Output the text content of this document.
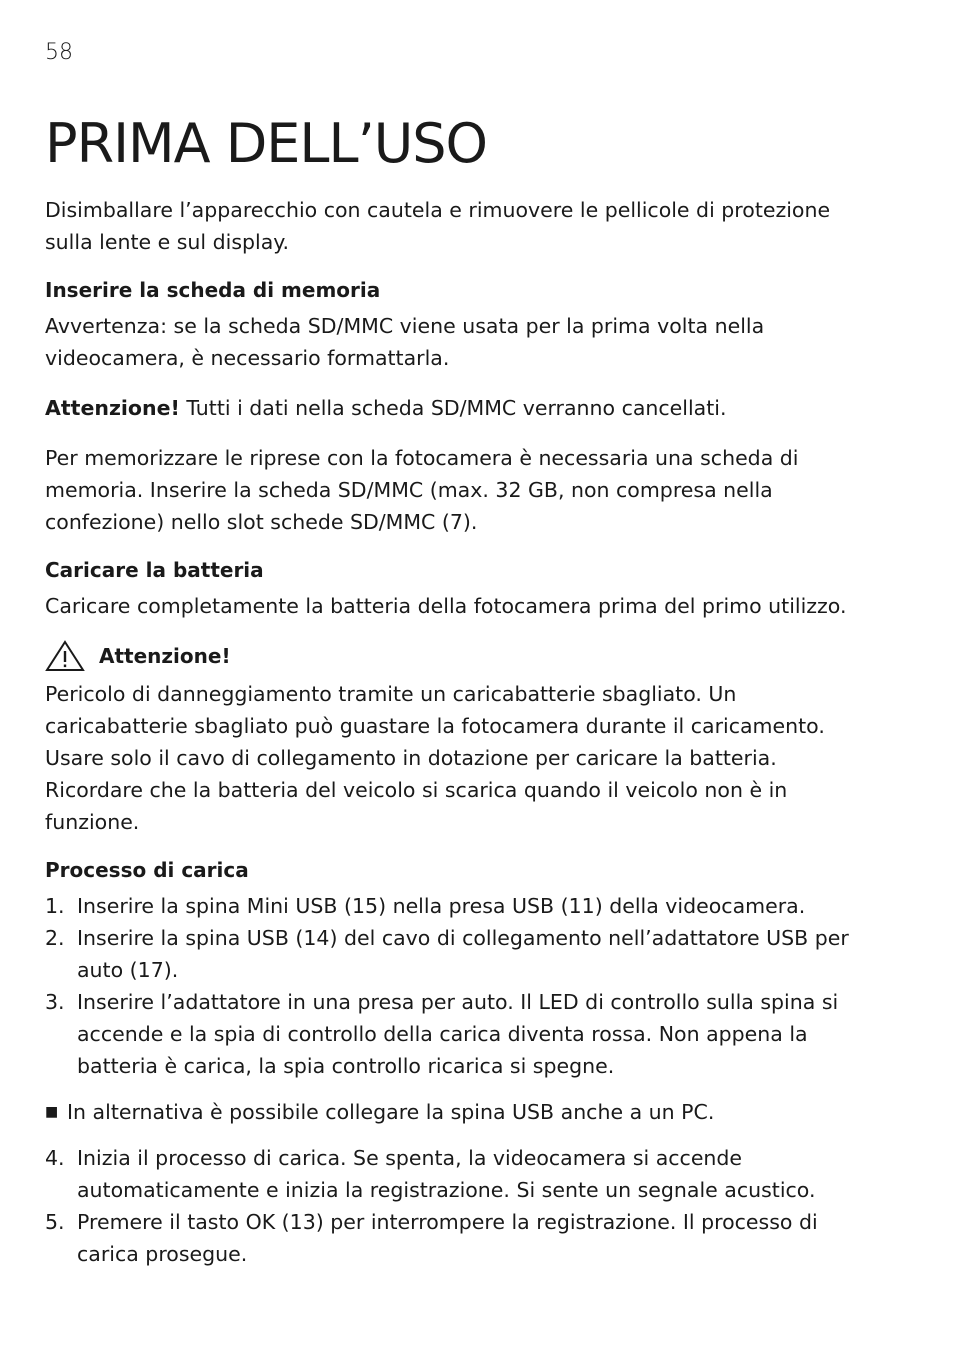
58
PRIMA DELL’USO

Disimballare l’apparecchio con cautela e rimuovere le pellicole di protezione sulla lente e sul display.

Inserire la scheda di memoria

Avvertenza: se la scheda SD/MMC viene usata per la prima volta nella videocamera, è necessario formattarla.

Attenzione! Tutti i dati nella scheda SD/MMC verranno cancellati.

Per memorizzare le riprese con la fotocamera è necessaria una scheda di memoria. Inserire la scheda SD/MMC (max. 32 GB, non compresa nella confezione) nello slot schede SD/MMC (7).

Caricare la batteria

Caricare completamente la batteria della fotocamera prima del primo utilizzo.

Attenzione!

Pericolo di danneggiamento tramite un caricabatterie sbagliato. Un caricabatterie sbagliato può guastare la fotocamera durante il caricamento. Usare solo il cavo di collegamento in dotazione per caricare la batteria.

Ricordare che la batteria del veicolo si scarica quando il veicolo non è in funzione.

Processo di carica
1. Inserire la spina Mini USB (15) nella presa USB (11) della videocamera.
2. Inserire la spina USB (14) del cavo di collegamento nell’adattatore USB per auto (17).
3. Inserire l’adattatore in una presa per auto. Il LED di controllo sulla spina si accende e la spia di controllo della carica diventa rossa. Non appena la batteria è carica, la spia controllo ricarica si spegne.
■ In alternativa è possibile collegare la spina USB anche a un PC.
4. Inizia il processo di carica. Se spenta, la videocamera si accende automaticamente e inizia la registrazione. Si sente un segnale acustico.
5. Premere il tasto OK (13) per interrompere la registrazione. Il processo di carica prosegue.
